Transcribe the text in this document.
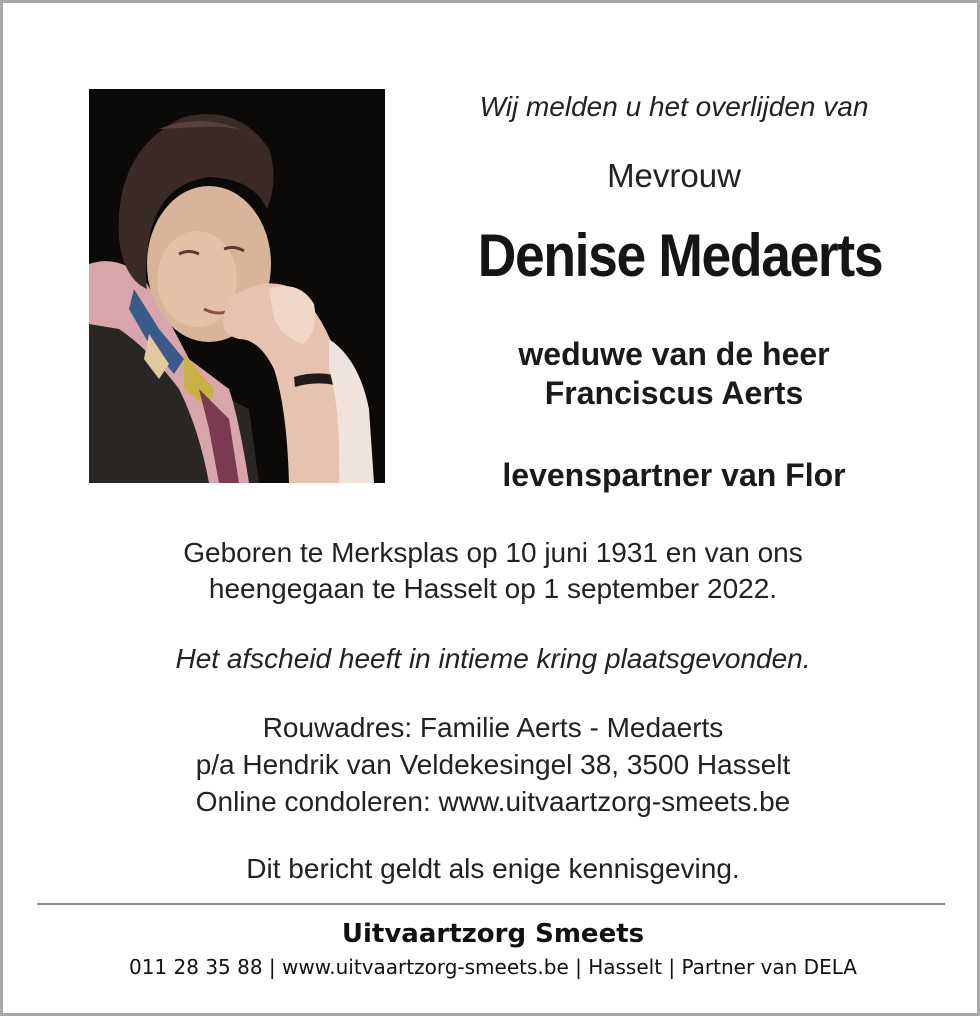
Wij melden u het overlijden van
Mevrouw
Denise Medaerts
weduwe van de heer
Franciscus Aerts
levenspartner van Flor
Geboren te Merksplas op 10 juni 1931 en van ons
heengegaan te Hasselt op 1 september 2022.
Het afscheid heeft in intieme kring plaatsgevonden.
Rouwadres: Familie Aerts - Medaerts
p/a Hendrik van Veldekesingel 38, 3500 Hasselt
Online condoleren: www.uitvaartzorg-smeets.be
Dit bericht geldt als enige kennisgeving.
Uitvaartzorg Smeets
011 28 35 88 | www.uitvaartzorg-smeets.be | Hasselt | Partner van DELA
